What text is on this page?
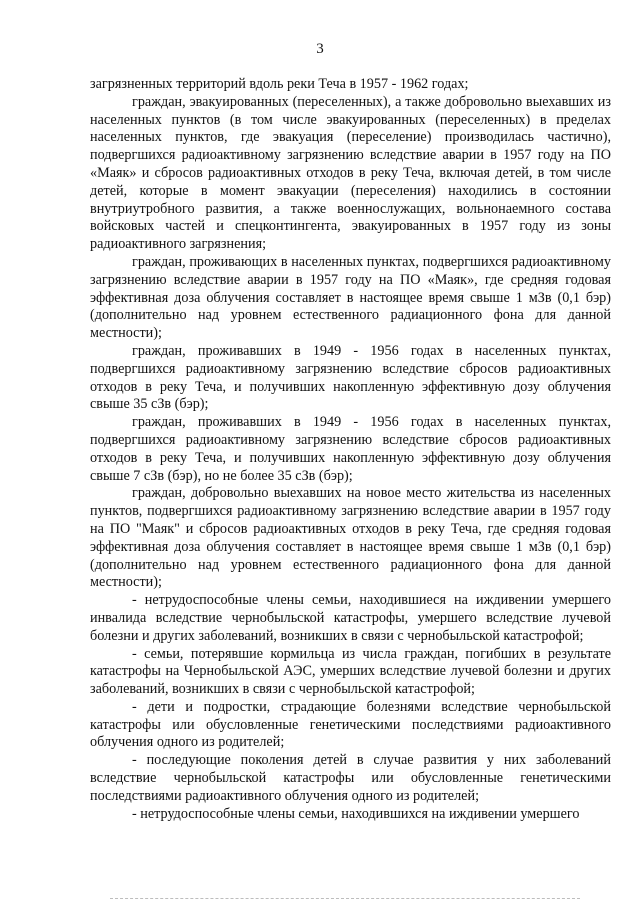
3

загрязненных территорий вдоль реки Теча в 1957 - 1962 годах;

граждан, эвакуированных (переселенных), а также добровольно выехавших из населенных пунктов (в том числе эвакуированных (переселенных) в пределах населенных пунктов, где эвакуация (переселение) производилась частично), подвергшихся радиоактивному загрязнению вследствие аварии в 1957 году на ПО «Маяк» и сбросов радиоактивных отходов в реку Теча, включая детей, в том числе детей, которые в момент эвакуации (переселения) находились в состоянии внутриутробного развития, а также военнослужащих, вольнонаемного состава войсковых частей и спецконтингента, эвакуированных в 1957 году из зоны радиоактивного загрязнения;

граждан, проживающих в населенных пунктах, подвергшихся радиоактивному загрязнению вследствие аварии в 1957 году на ПО «Маяк», где средняя годовая эффективная доза облучения составляет в настоящее время свыше 1 мЗв (0,1 бэр) (дополнительно над уровнем естественного радиационного фона для данной местности);

граждан, проживавших в 1949 - 1956 годах в населенных пунктах, подвергшихся радиоактивному загрязнению вследствие сбросов радиоактивных отходов в реку Теча, и получивших накопленную эффективную дозу облучения свыше 35 сЗв (бэр);

граждан, проживавших в 1949 - 1956 годах в населенных пунктах, подвергшихся радиоактивному загрязнению вследствие сбросов радиоактивных отходов в реку Теча, и получивших накопленную эффективную дозу облучения свыше 7 сЗв (бэр), но не более 35 сЗв (бэр);

граждан, добровольно выехавших на новое место жительства из населенных пунктов, подвергшихся радиоактивному загрязнению вследствие аварии в 1957 году на ПО "Маяк" и сбросов радиоактивных отходов в реку Теча, где средняя годовая эффективная доза облучения составляет в настоящее время свыше 1 мЗв (0,1 бэр) (дополнительно над уровнем естественного радиационного фона для данной местности);

- нетрудоспособные члены семьи, находившиеся на иждивении умершего инвалида вследствие чернобыльской катастрофы, умершего вследствие лучевой болезни и других заболеваний, возникших в связи с чернобыльской катастрофой;

- семьи, потерявшие кормильца из числа граждан, погибших в результате катастрофы на Чернобыльской АЭС, умерших вследствие лучевой болезни и других заболеваний, возникших в связи с чернобыльской катастрофой;

- дети и подростки, страдающие болезнями вследствие чернобыльской катастрофы или обусловленные генетическими последствиями радиоактивного облучения одного из родителей;

- последующие поколения детей в случае развития у них заболеваний вследствие чернобыльской катастрофы или обусловленные генетическими последствиями радиоактивного облучения одного из родителей;

- нетрудоспособные члены семьи, находившихся на иждивении умершего
